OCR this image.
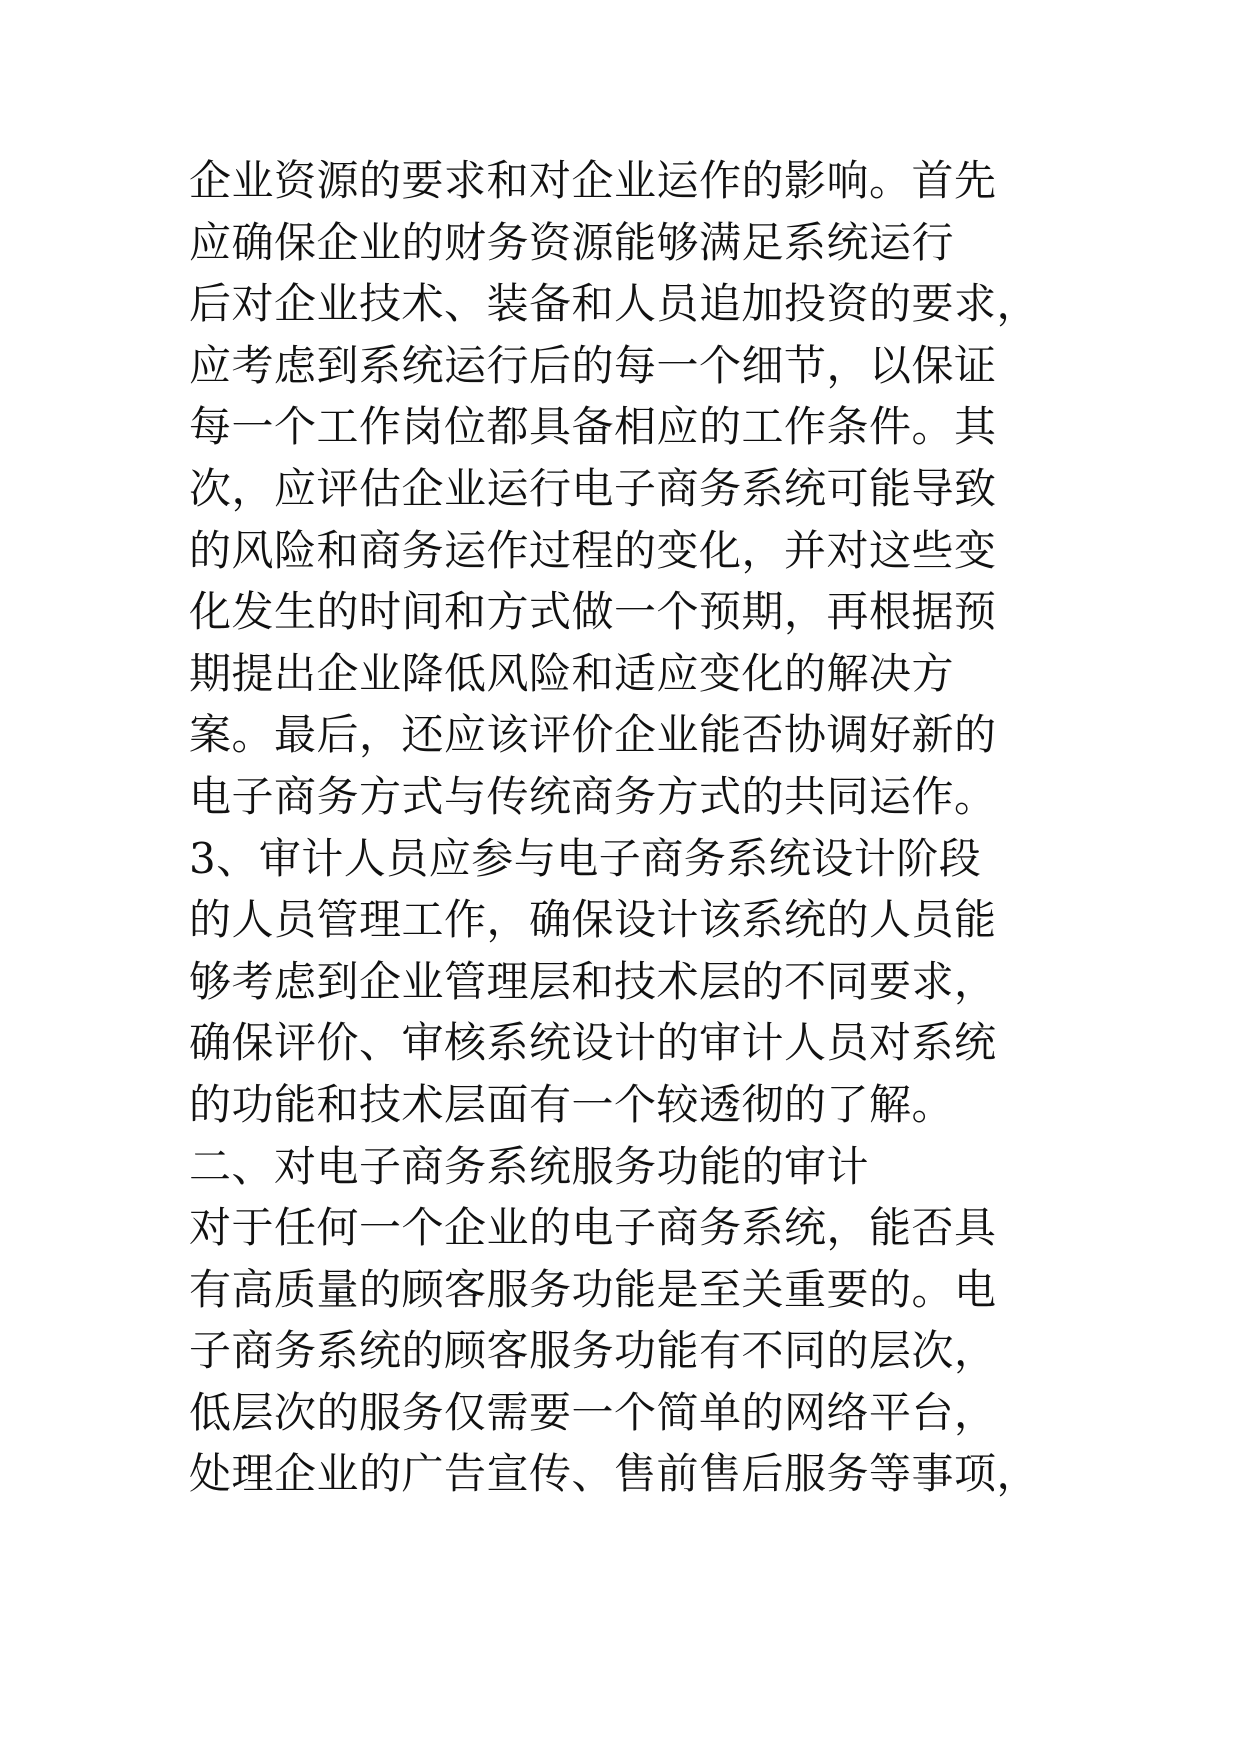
企业资源的要求和对企业运作的影响。首先
应确保企业的财务资源能够满足系统运行
后对企业技术、装备和人员追加投资的要求，
应考虑到系统运行后的每一个细节，以保证
每一个工作岗位都具备相应的工作条件。其
次，应评估企业运行电子商务系统可能导致
的风险和商务运作过程的变化，并对这些变
化发生的时间和方式做一个预期，再根据预
期提出企业降低风险和适应变化的解决方
案。最后，还应该评价企业能否协调好新的
电子商务方式与传统商务方式的共同运作。
3、审计人员应参与电子商务系统设计阶段
的人员管理工作，确保设计该系统的人员能
够考虑到企业管理层和技术层的不同要求，
确保评价、审核系统设计的审计人员对系统
的功能和技术层面有一个较透彻的了解。
二、对电子商务系统服务功能的审计
对于任何一个企业的电子商务系统，能否具
有高质量的顾客服务功能是至关重要的。电
子商务系统的顾客服务功能有不同的层次，
低层次的服务仅需要一个简单的网络平台，
处理企业的广告宣传、售前售后服务等事项，
